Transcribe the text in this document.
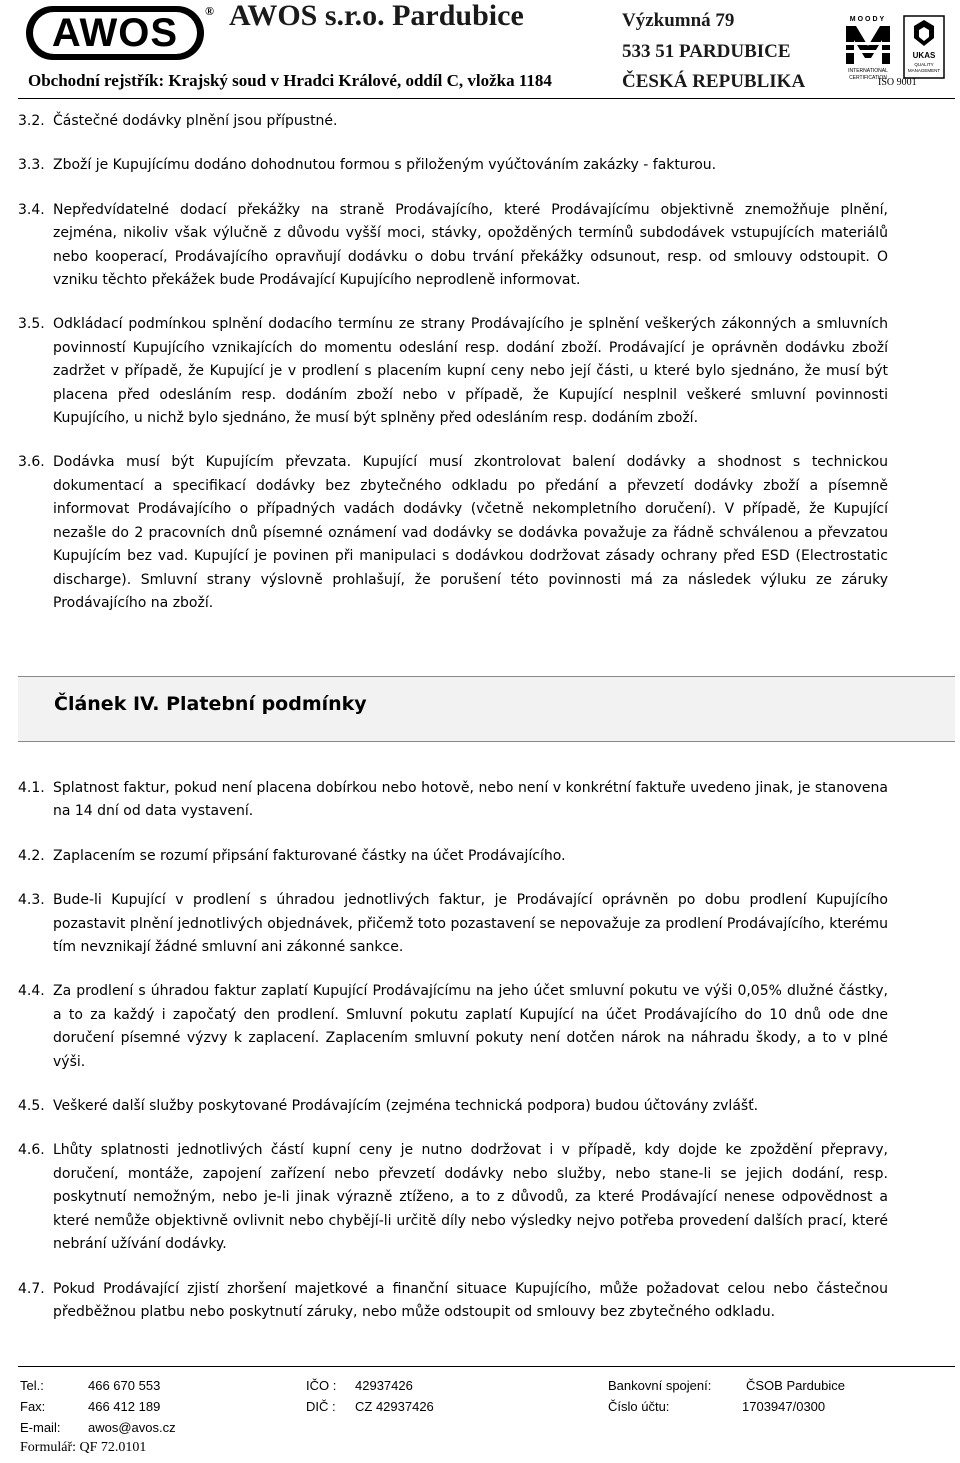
AWOS ® AWOS s.r.o. Pardubice
Obchodní rejstřík: Krajský soud v Hradci Králové, oddíl C, vložka 1184
Výzkumná 79
533 51 PARDUBICE
ČESKÁ REPUBLIKA
MOODY
INTERNATIONAL
CERTIFICATION
UKAS
QUALITY
MANAGEMENT
ISO 9001
3.2. Částečné dodávky plnění jsou přípustné.
3.3. Zboží je Kupujícímu dodáno dohodnutou formou s přiloženým vyúčtováním zakázky - fakturou.
3.4. Nepředvídatelné dodací překážky na straně Prodávajícího, které Prodávajícímu objektivně znemožňuje plnění, zejména, nikoliv však výlučně z důvodu vyšší moci, stávky, opožděných termínů subdodávek vstupujících materiálů nebo kooperací, Prodávajícího opravňují dodávku o dobu trvání překážky odsunout, resp. od smlouvy odstoupit. O vzniku těchto překážek bude Prodávající Kupujícího neprodleně informovat.
3.5. Odkládací podmínkou splnění dodacího termínu ze strany Prodávajícího je splnění veškerých zákonných a smluvních povinností Kupujícího vznikajících do momentu odeslání resp. dodání zboží. Prodávající je oprávněn dodávku zboží zadržet v případě, že Kupující je v prodlení s placením kupní ceny nebo její části, u které bylo sjednáno, že musí být placena před odesláním resp. dodáním zboží nebo v případě, že Kupující nesplnil veškeré smluvní povinnosti Kupujícího, u nichž bylo sjednáno, že musí být splněny před odesláním resp. dodáním zboží.
3.6. Dodávka musí být Kupujícím převzata. Kupující musí zkontrolovat balení dodávky a shodnost s technickou dokumentací a specifikací dodávky bez zbytečného odkladu po předání a převzetí dodávky zboží a písemně informovat Prodávajícího o případných vadách dodávky (včetně nekompletního doručení). V případě, že Kupující nezašle do 2 pracovních dnů písemné oznámení vad dodávky se dodávka považuje za řádně schválenou a převzatou Kupujícím bez vad. Kupující je povinen při manipulaci s dodávkou dodržovat zásady ochrany před ESD (Electrostatic discharge). Smluvní strany výslovně prohlašují, že porušení této povinnosti má za následek výluku ze záruky Prodávajícího na zboží.
Článek IV. Platební podmínky
4.1. Splatnost faktur, pokud není placena dobírkou nebo hotově, nebo není v konkrétní faktuře uvedeno jinak, je stanovena na 14 dní od data vystavení.
4.2. Zaplacením se rozumí připsání fakturované částky na účet Prodávajícího.
4.3. Bude-li Kupující v prodlení s úhradou jednotlivých faktur, je Prodávající oprávněn po dobu prodlení Kupujícího pozastavit plnění jednotlivých objednávek, přičemž toto pozastavení se nepovažuje za prodlení Prodávajícího, kterému tím nevznikají žádné smluvní ani zákonné sankce.
4.4. Za prodlení s úhradou faktur zaplatí Kupující Prodávajícímu na jeho účet smluvní pokutu ve výši 0,05% dlužné částky, a to za každý i započatý den prodlení. Smluvní pokutu zaplatí Kupující na účet Prodávajícího do 10 dnů ode dne doručení písemné výzvy k zaplacení. Zaplacením smluvní pokuty není dotčen nárok na náhradu škody, a to v plné výši.
4.5. Veškeré další služby poskytované Prodávajícím (zejména technická podpora) budou účtovány zvlášť.
4.6. Lhůty splatnosti jednotlivých částí kupní ceny je nutno dodržovat i v případě, kdy dojde ke zpoždění přepravy, doručení, montáže, zapojení zařízení nebo převzetí dodávky nebo služby, nebo stane-li se jejich dodání, resp. poskytnutí nemožným, nebo je-li jinak výrazně ztíženo, a to z důvodů, za které Prodávající nenese odpovědnost a které nemůže objektivně ovlivnit nebo chybějí-li určitě díly nebo výsledky nejvo potřeba provedení dalších prací, které nebrání užívání dodávky.
4.7. Pokud Prodávající zjistí zhoršení majetkové a finanční situace Kupujícího, může požadovat celou nebo částečnou předběžnou platbu nebo poskytnutí záruky, nebo může odstoupit od smlouvy bez zbytečného odkladu.
Tel.:	466 670 553
Fax:	466 412 189
E-mail: awos@avos.cz
Formulář: QF 72.0101
IČO : 42937426
DIČ : CZ 42937426
Bankovní spojení:	ČSOB Pardubice
Číslo účtu:	1703947/0300
